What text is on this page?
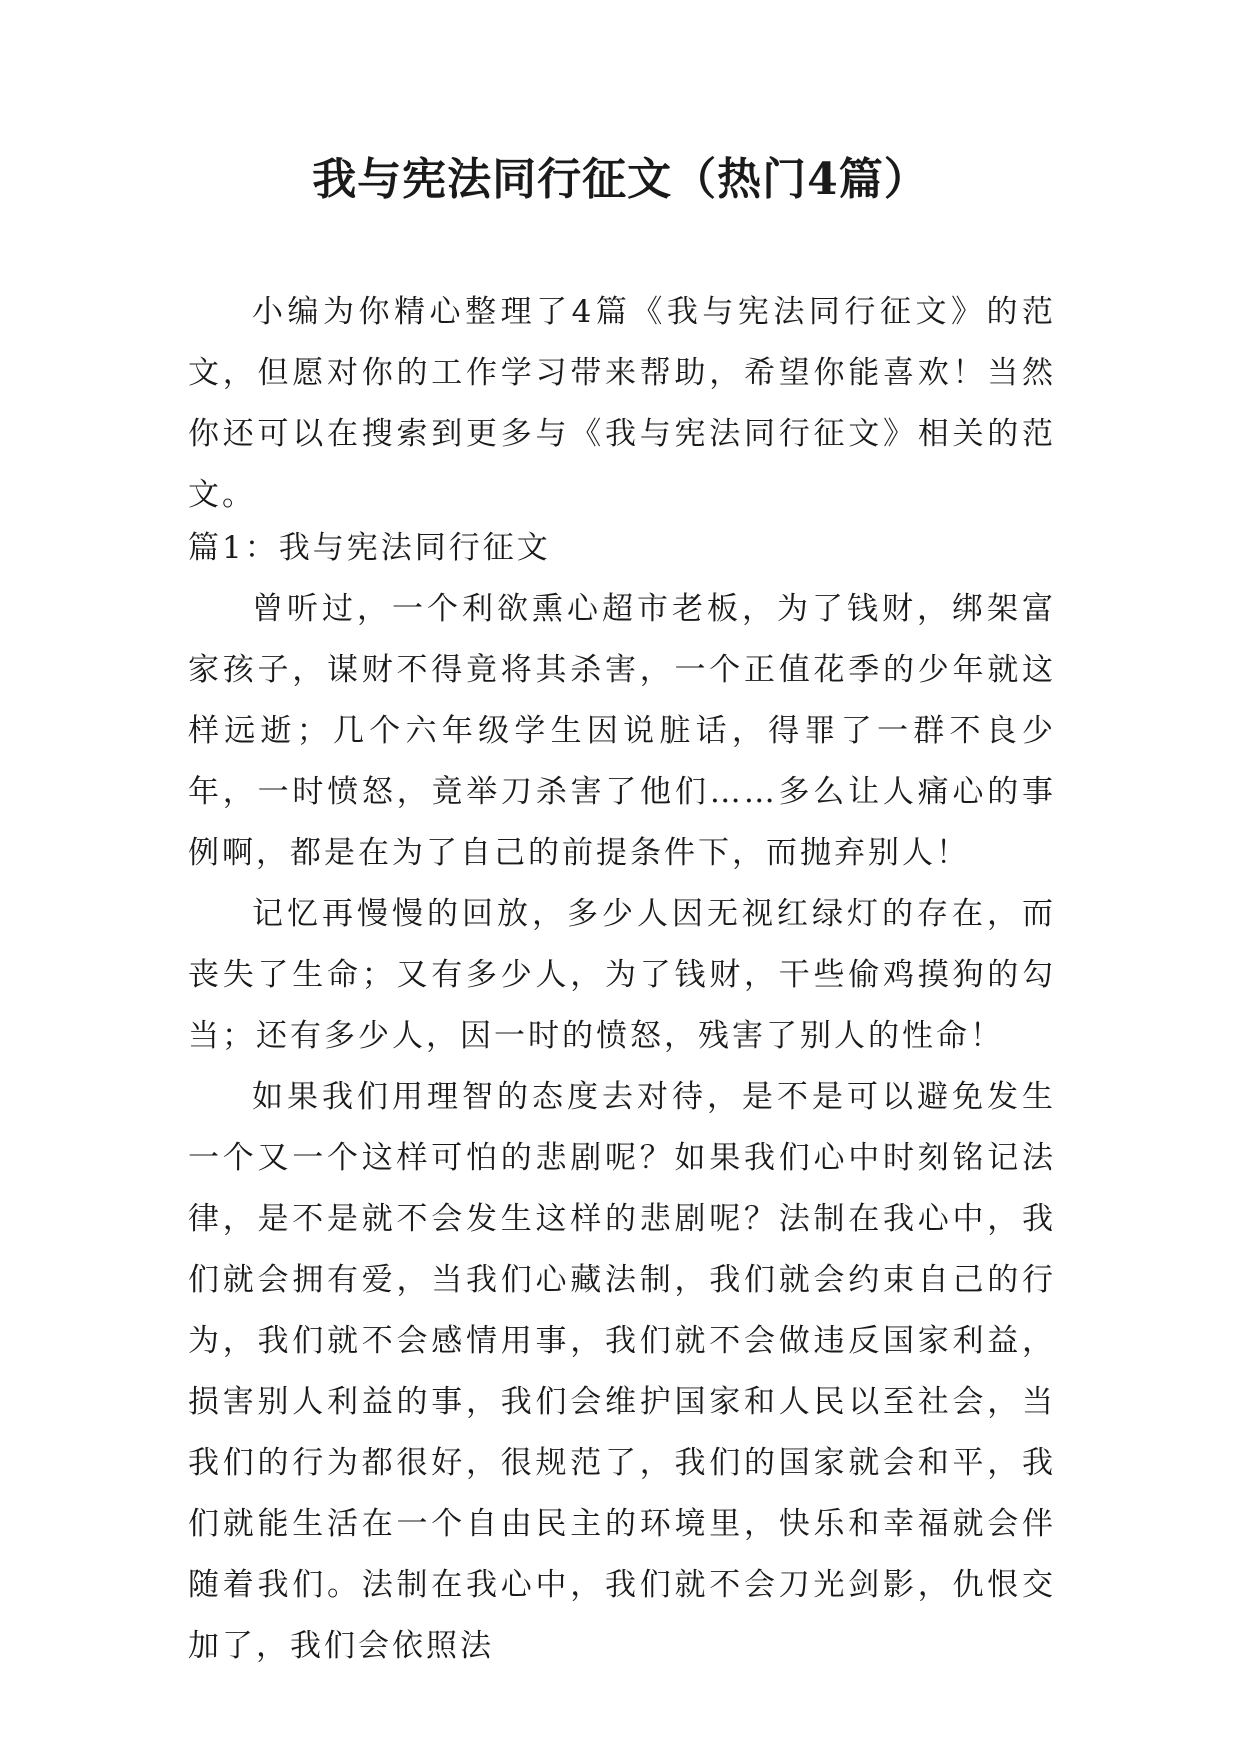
我与宪法同行征文（热门4篇）

小编为你精心整理了4篇《我与宪法同行征文》的范文，但愿对你的工作学习带来帮助，希望你能喜欢！当然你还可以在搜索到更多与《我与宪法同行征文》相关的范文。

篇1：我与宪法同行征文

曾听过，一个利欲熏心超市老板，为了钱财，绑架富家孩子，谋财不得竟将其杀害，一个正值花季的少年就这样远逝；几个六年级学生因说脏话，得罪了一群不良少年，一时愤怒，竟举刀杀害了他们……多么让人痛心的事例啊，都是在为了自己的前提条件下，而抛弃别人！

记忆再慢慢的回放，多少人因无视红绿灯的存在，而丧失了生命；又有多少人，为了钱财，干些偷鸡摸狗的勾当；还有多少人，因一时的愤怒，残害了别人的性命！

如果我们用理智的态度去对待，是不是可以避免发生一个又一个这样可怕的悲剧呢？如果我们心中时刻铭记法律，是不是就不会发生这样的悲剧呢？法制在我心中，我们就会拥有爱，当我们心藏法制，我们就会约束自己的行为，我们就不会感情用事，我们就不会做违反国家利益，损害别人利益的事，我们会维护国家和人民以至社会，当我们的行为都很好，很规范了，我们的国家就会和平，我们就能生活在一个自由民主的环境里，快乐和幸福就会伴随着我们。法制在我心中，我们就不会刀光剑影，仇恨交加了，我们会依照法
